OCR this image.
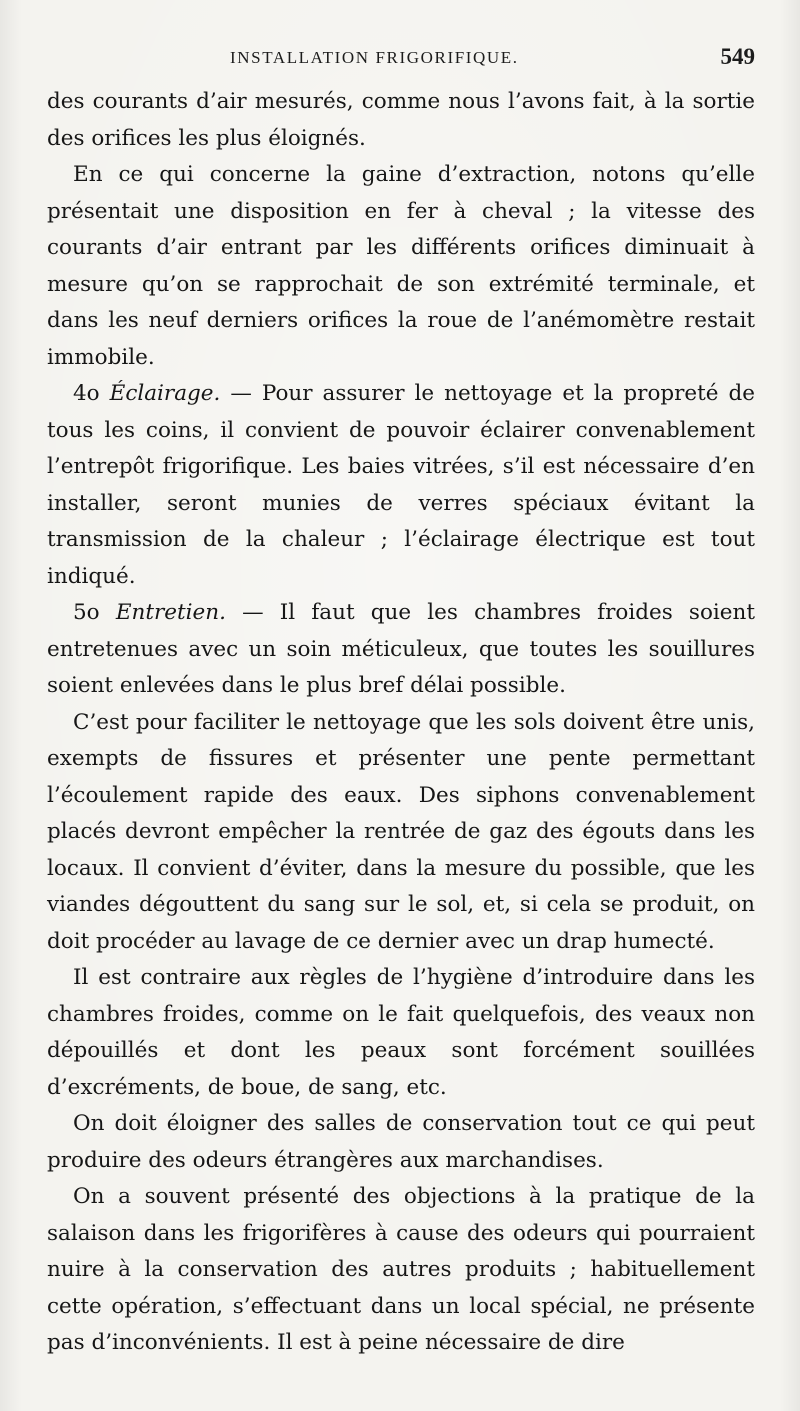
INSTALLATION FRIGORIFIQUE.	549

des courants d’air mesurés, comme nous l’avons fait, à la sortie des orifices les plus éloignés.

En ce qui concerne la gaine d’extraction, notons qu’elle présentait une disposition en fer à cheval ; la vitesse des courants d’air entrant par les différents orifices diminuait à mesure qu’on se rapprochait de son extrémité terminale, et dans les neuf derniers orifices la roue de l’anémomètre restait immobile.

4o Éclairage. — Pour assurer le nettoyage et la propreté de tous les coins, il convient de pouvoir éclairer convenablement l’entrepôt frigorifique. Les baies vitrées, s’il est nécessaire d’en installer, seront munies de verres spéciaux évitant la transmission de la chaleur ; l’éclairage électrique est tout indiqué.

5o Entretien. — Il faut que les chambres froides soient entretenues avec un soin méticuleux, que toutes les souillures soient enlevées dans le plus bref délai possible.

C’est pour faciliter le nettoyage que les sols doivent être unis, exempts de fissures et présenter une pente permettant l’écoulement rapide des eaux. Des siphons convenablement placés devront empêcher la rentrée de gaz des égouts dans les locaux. Il convient d’éviter, dans la mesure du possible, que les viandes dégouttent du sang sur le sol, et, si cela se produit, on doit procéder au lavage de ce dernier avec un drap humecté.

Il est contraire aux règles de l’hygiène d’introduire dans les chambres froides, comme on le fait quelquefois, des veaux non dépouillés et dont les peaux sont forcément souillées d’excréments, de boue, de sang, etc.

On doit éloigner des salles de conservation tout ce qui peut produire des odeurs étrangères aux marchandises.

On a souvent présenté des objections à la pratique de la salaison dans les frigorifères à cause des odeurs qui pourraient nuire à la conservation des autres produits ; habituellement cette opération, s’effectuant dans un local spécial, ne présente pas d’inconvénients. Il est à peine nécessaire de dire
